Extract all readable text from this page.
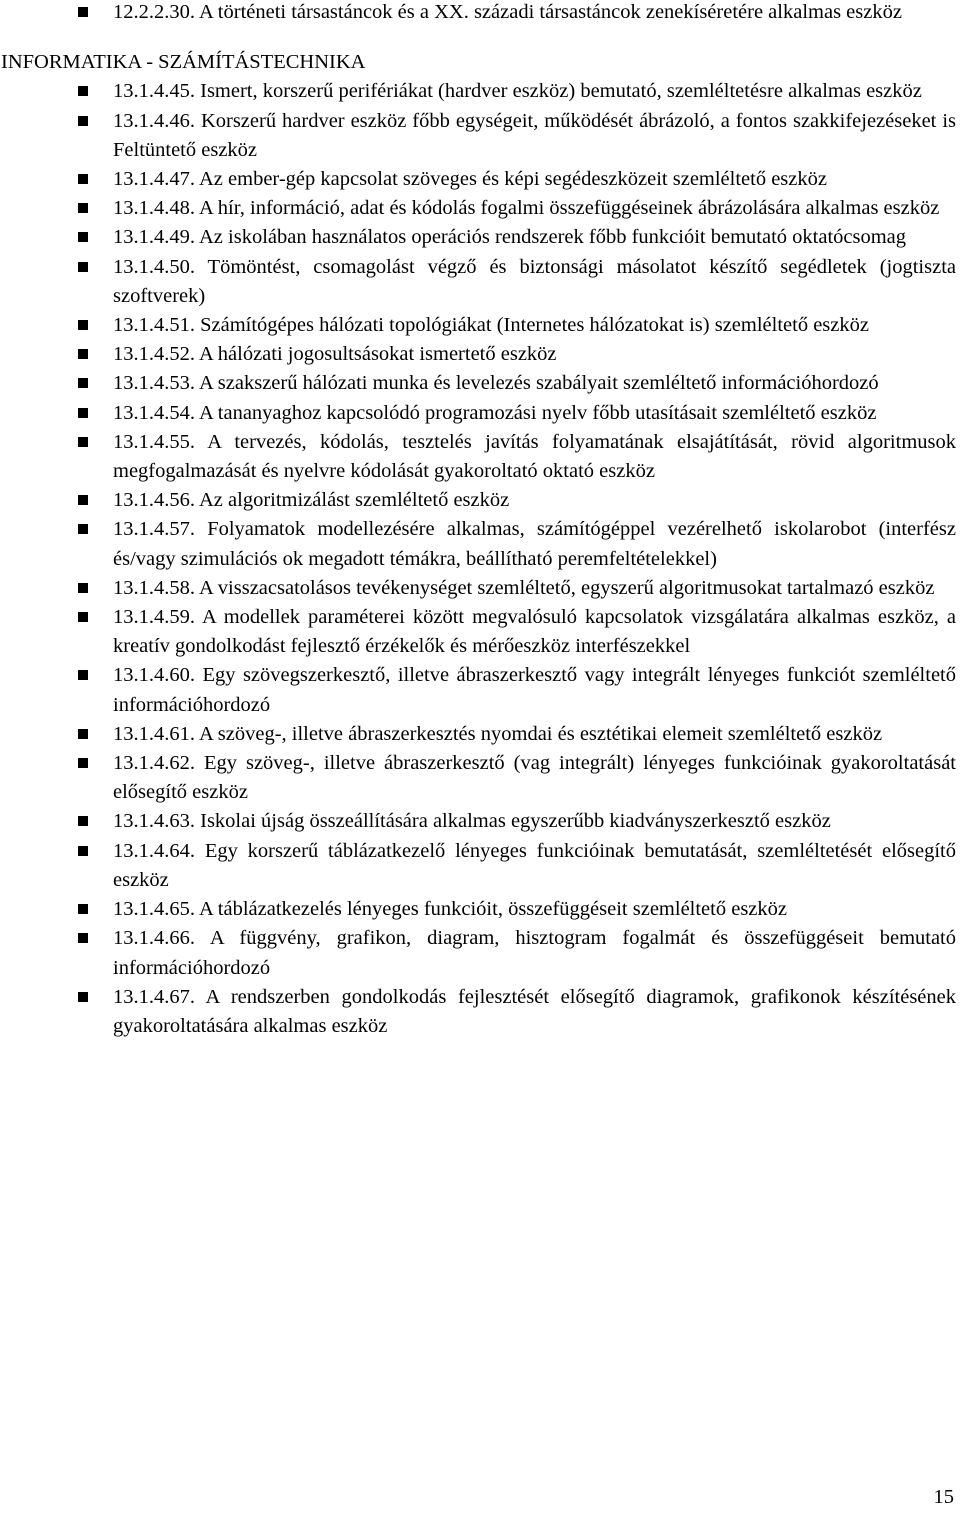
12.2.2.30. A történeti társastáncok és a XX. századi társastáncok zenekíséretére alkalmas eszköz
INFORMATIKA - SZÁMÍTÁSTECHNIKA
13.1.4.45. Ismert, korszerű perifériákat (hardver eszköz) bemutató, szemléltetésre alkalmas eszköz
13.1.4.46. Korszerű hardver eszköz főbb egységeit, működését ábrázoló, a fontos szakkifejezéseket is Feltüntető eszköz
13.1.4.47. Az ember-gép kapcsolat szöveges és képi segédeszközeit szemléltető eszköz
13.1.4.48. A hír, információ, adat és kódolás fogalmi összefüggéseinek ábrázolására alkalmas eszköz
13.1.4.49. Az iskolában használatos operációs rendszerek főbb funkcióit bemutató oktatócsomag
13.1.4.50. Tömöntést, csomagolást végző és biztonsági másolatot készítő segédletek (jogtiszta szoftverek)
13.1.4.51. Számítógépes hálózati topológiákat (Internetes hálózatokat is) szemléltető eszköz
13.1.4.52. A hálózati jogosultsásokat ismertető eszköz
13.1.4.53. A szakszerű hálózati munka és levelezés szabályait szemléltető információhordozó
13.1.4.54. A tananyaghoz kapcsolódó programozási nyelv főbb utasításait szemléltető eszköz
13.1.4.55. A tervezés, kódolás, tesztelés javítás folyamatának elsajátítását, rövid algoritmusok megfogalmazását és nyelvre kódolását gyakoroltató oktató eszköz
13.1.4.56. Az algoritmizálást szemléltető eszköz
13.1.4.57. Folyamatok modellezésére alkalmas, számítógéppel vezérelhető iskolarobot (interfész és/vagy szimulációs ok megadott témákra, beállítható peremfeltételekkel)
13.1.4.58. A visszacsatolásos tevékenységet szemléltető, egyszerű algoritmusokat tartalmazó eszköz
13.1.4.59. A modellek paraméterei között megvalósuló kapcsolatok vizsgálatára alkalmas eszköz, a kreatív gondolkodást fejlesztő érzékelők és mérőeszköz interfészekkel
13.1.4.60. Egy szövegszerkesztő, illetve ábraszerkesztő vagy integrált lényeges funkciót szemléltető információhordozó
13.1.4.61. A szöveg-, illetve ábraszerkesztés nyomdai és esztétikai elemeit szemléltető eszköz
13.1.4.62. Egy szöveg-, illetve ábraszerkesztő (vag integrált) lényeges funkcióinak gyakoroltatását elősegítő eszköz
13.1.4.63. Iskolai újság összeállítására alkalmas egyszerűbb kiadványszerkesztő eszköz
13.1.4.64. Egy korszerű táblázatkezelő lényeges funkcióinak bemutatását, szemléltetését elősegítő eszköz
13.1.4.65. A táblázatkezelés lényeges funkcióit, összefüggéseit szemléltető eszköz
13.1.4.66. A függvény, grafikon, diagram, hisztogram fogalmát és összefüggéseit bemutató információhordozó
13.1.4.67. A rendszerben gondolkodás fejlesztését elősegítő diagramok, grafikonok készítésének gyakoroltatására alkalmas eszköz
15
